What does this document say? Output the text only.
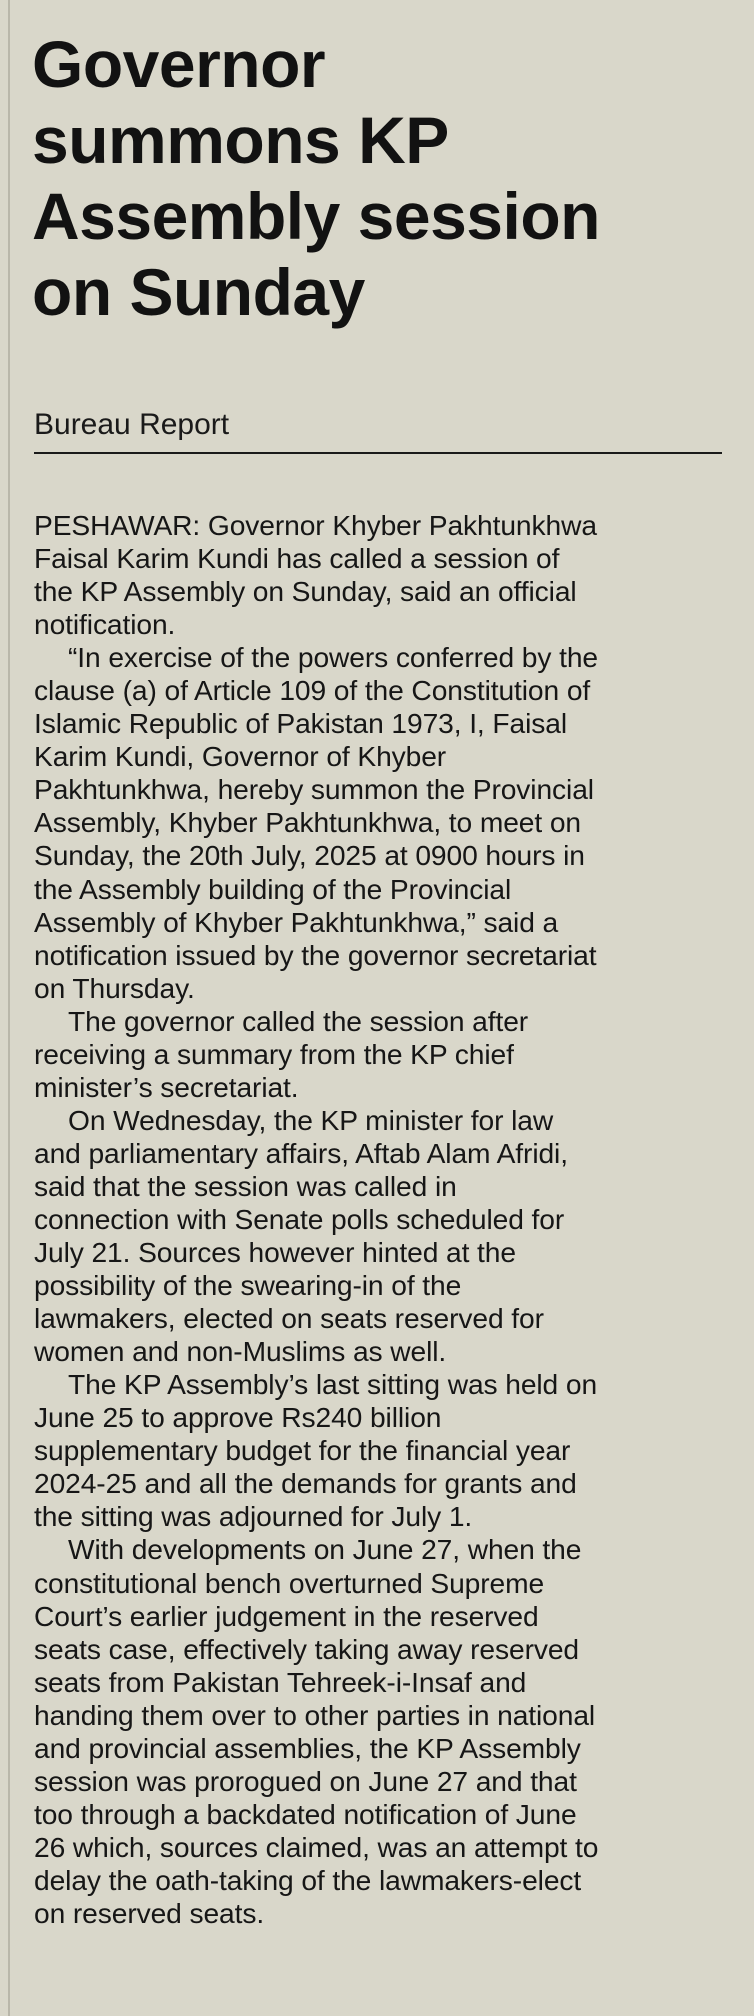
Governor
summons KP
Assembly session
on Sunday

Bureau Report

PESHAWAR: Governor Khyber Pakhtunkhwa
Faisal Karim Kundi has called a session of
the KP Assembly on Sunday, said an official
notification.

“In exercise of the powers conferred by the
clause (a) of Article 109 of the Constitution of
Islamic Republic of Pakistan 1973, I, Faisal
Karim Kundi, Governor of Khyber
Pakhtunkhwa, hereby summon the Provincial
Assembly, Khyber Pakhtunkhwa, to meet on
Sunday, the 20th July, 2025 at 0900 hours in
the Assembly building of the Provincial
Assembly of Khyber Pakhtunkhwa,” said a
notification issued by the governor secretariat
on Thursday.

The governor called the session after
receiving a summary from the KP chief
minister’s secretariat.

On Wednesday, the KP minister for law
and parliamentary affairs, Aftab Alam Afridi,
said that the session was called in
connection with Senate polls scheduled for
July 21. Sources however hinted at the
possibility of the swearing-in of the
lawmakers, elected on seats reserved for
women and non-Muslims as well.

The KP Assembly’s last sitting was held on
June 25 to approve Rs240 billion
supplementary budget for the financial year
2024-25 and all the demands for grants and
the sitting was adjourned for July 1.

With developments on June 27, when the
constitutional bench overturned Supreme
Court’s earlier judgement in the reserved
seats case, effectively taking away reserved
seats from Pakistan Tehreek-i-Insaf and
handing them over to other parties in national
and provincial assemblies, the KP Assembly
session was prorogued on June 27 and that
too through a backdated notification of June
26 which, sources claimed, was an attempt to
delay the oath-taking of the lawmakers-elect
on reserved seats.
